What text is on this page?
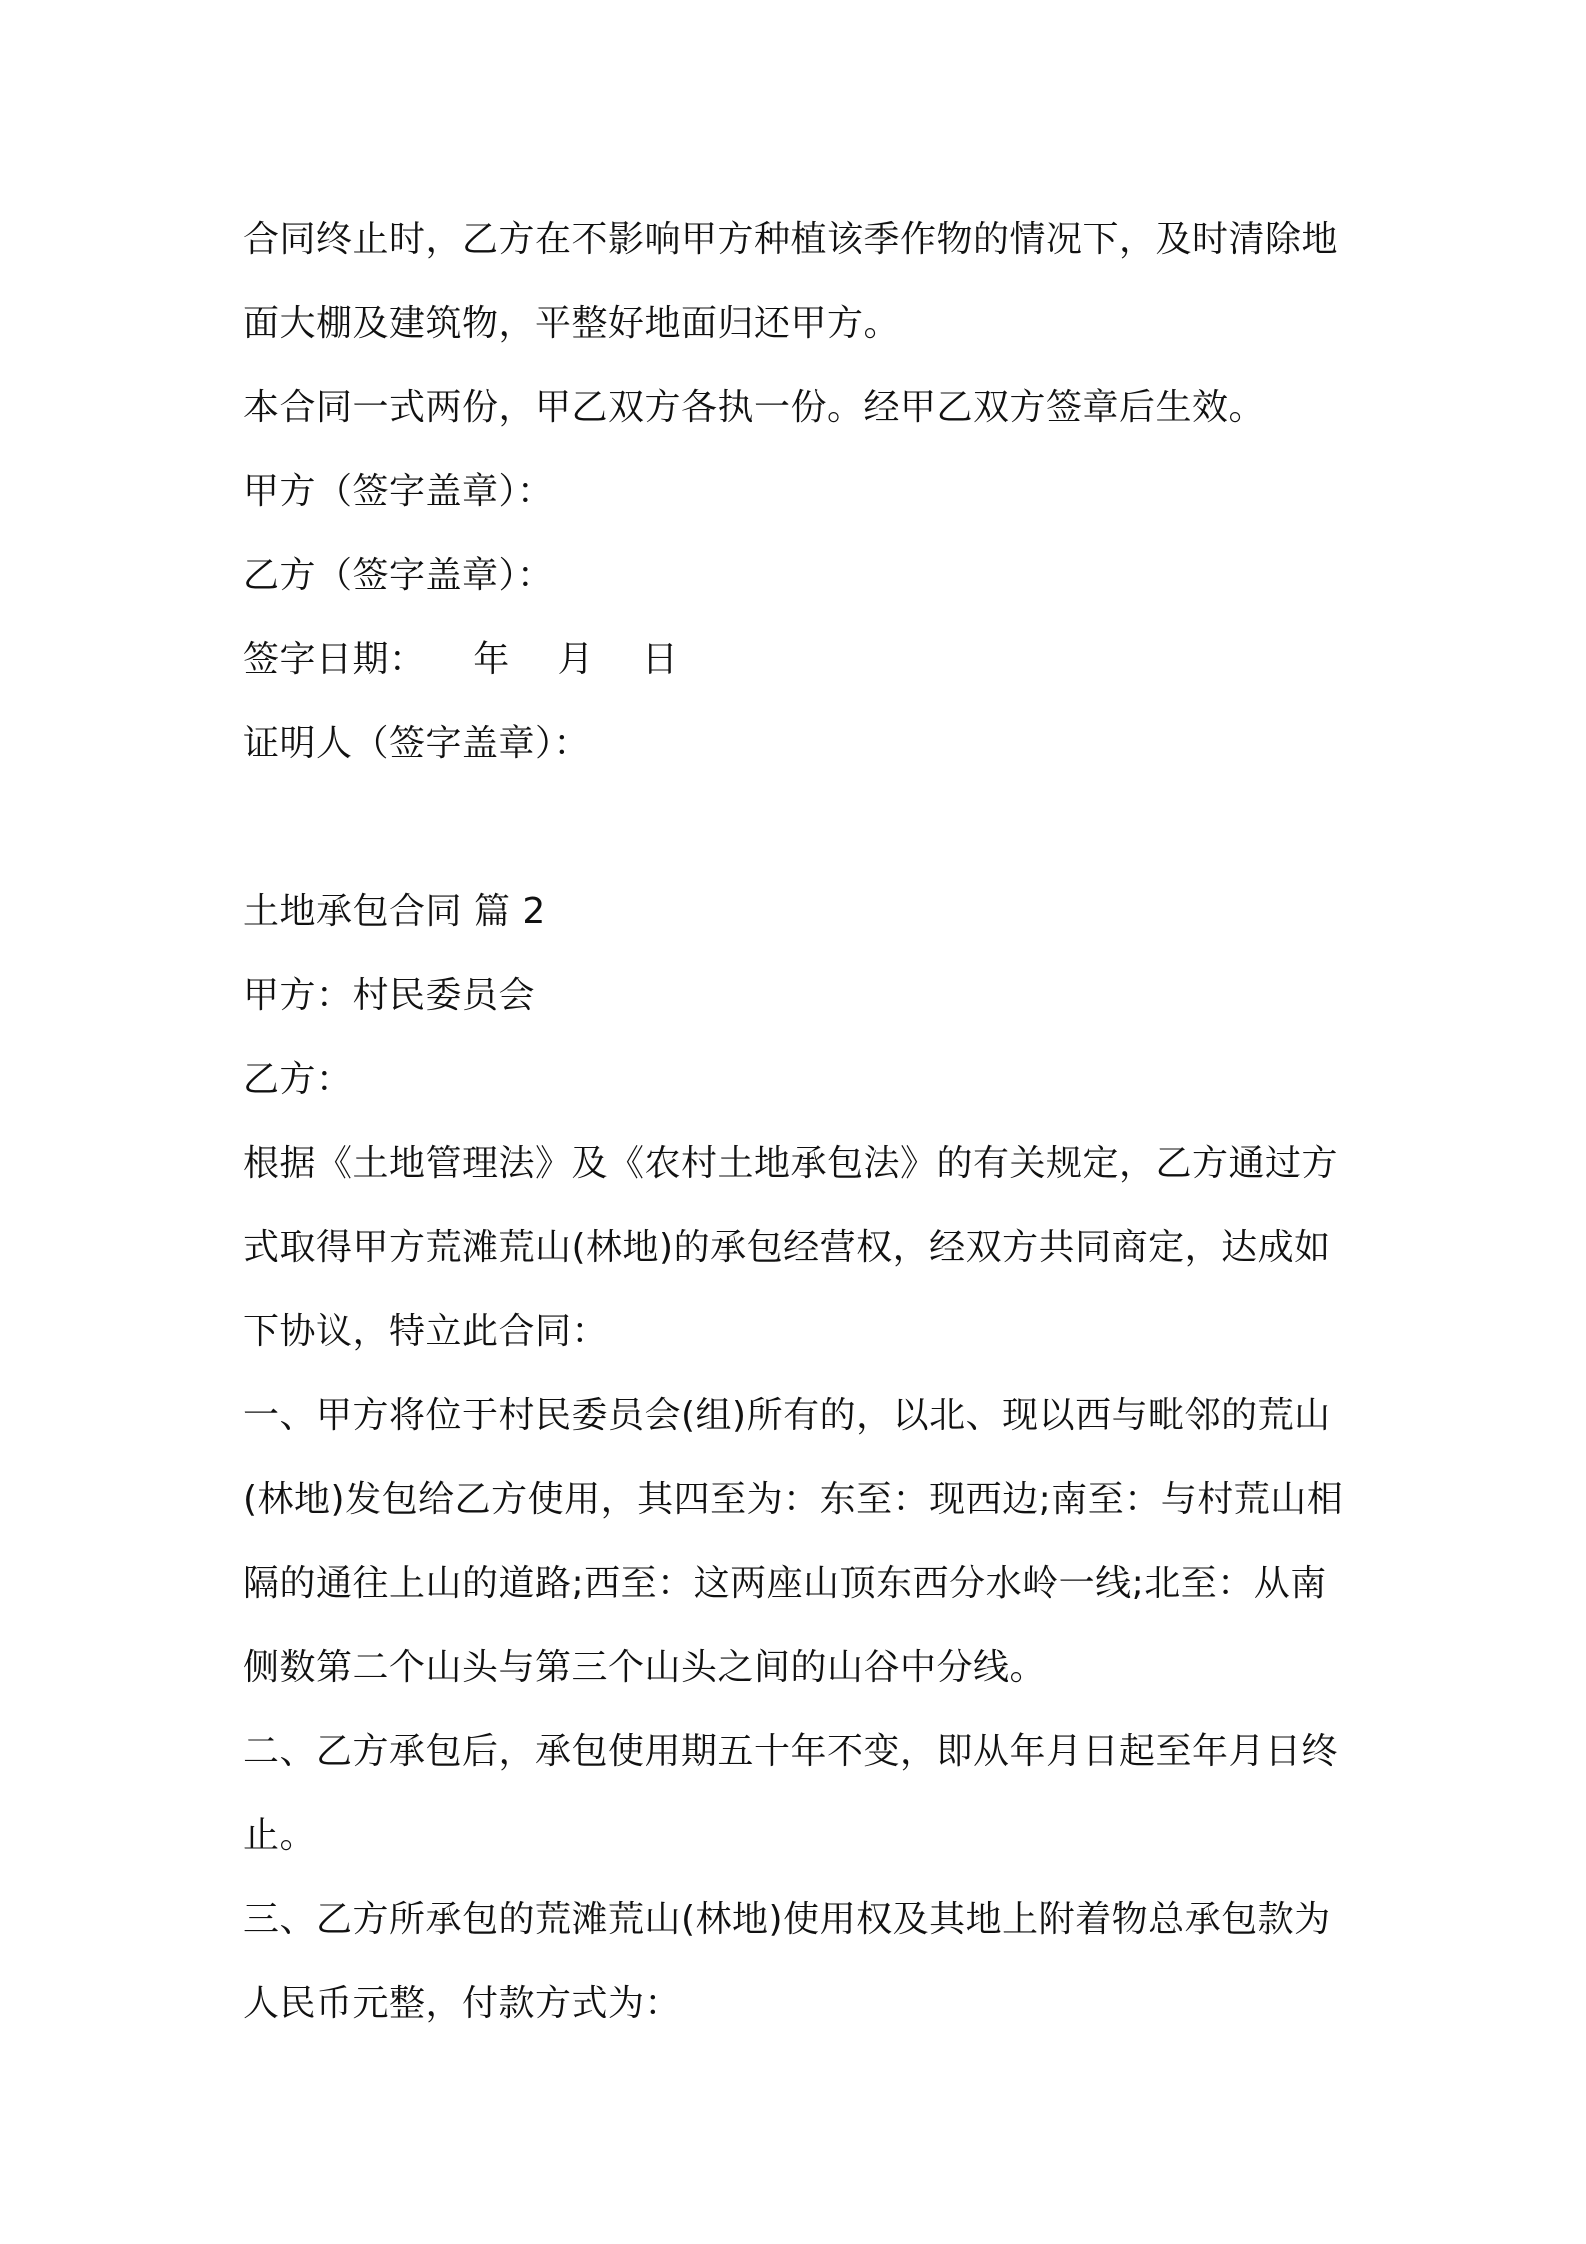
合同终止时，乙方在不影响甲方种植该季作物的情况下，及时清除地
面大棚及建筑物，平整好地面归还甲方。
本合同一式两份，甲乙双方各执一份。经甲乙双方签章后生效。
甲方（签字盖章）：
乙方（签字盖章）：
签字日期：    年    月    日
证明人（签字盖章）：
土地承包合同 篇 2
甲方：村民委员会
乙方：
根据《土地管理法》及《农村土地承包法》的有关规定，乙方通过方
式取得甲方荒滩荒山(林地)的承包经营权，经双方共同商定，达成如
下协议，特立此合同：
一、甲方将位于村民委员会(组)所有的，以北、现以西与毗邻的荒山
(林地)发包给乙方使用，其四至为：东至：现西边;南至：与村荒山相
隔的通往上山的道路;西至：这两座山顶东西分水岭一线;北至：从南
侧数第二个山头与第三个山头之间的山谷中分线。
二、乙方承包后，承包使用期五十年不变，即从年月日起至年月日终
止。
三、乙方所承包的荒滩荒山(林地)使用权及其地上附着物总承包款为
人民币元整，付款方式为：
